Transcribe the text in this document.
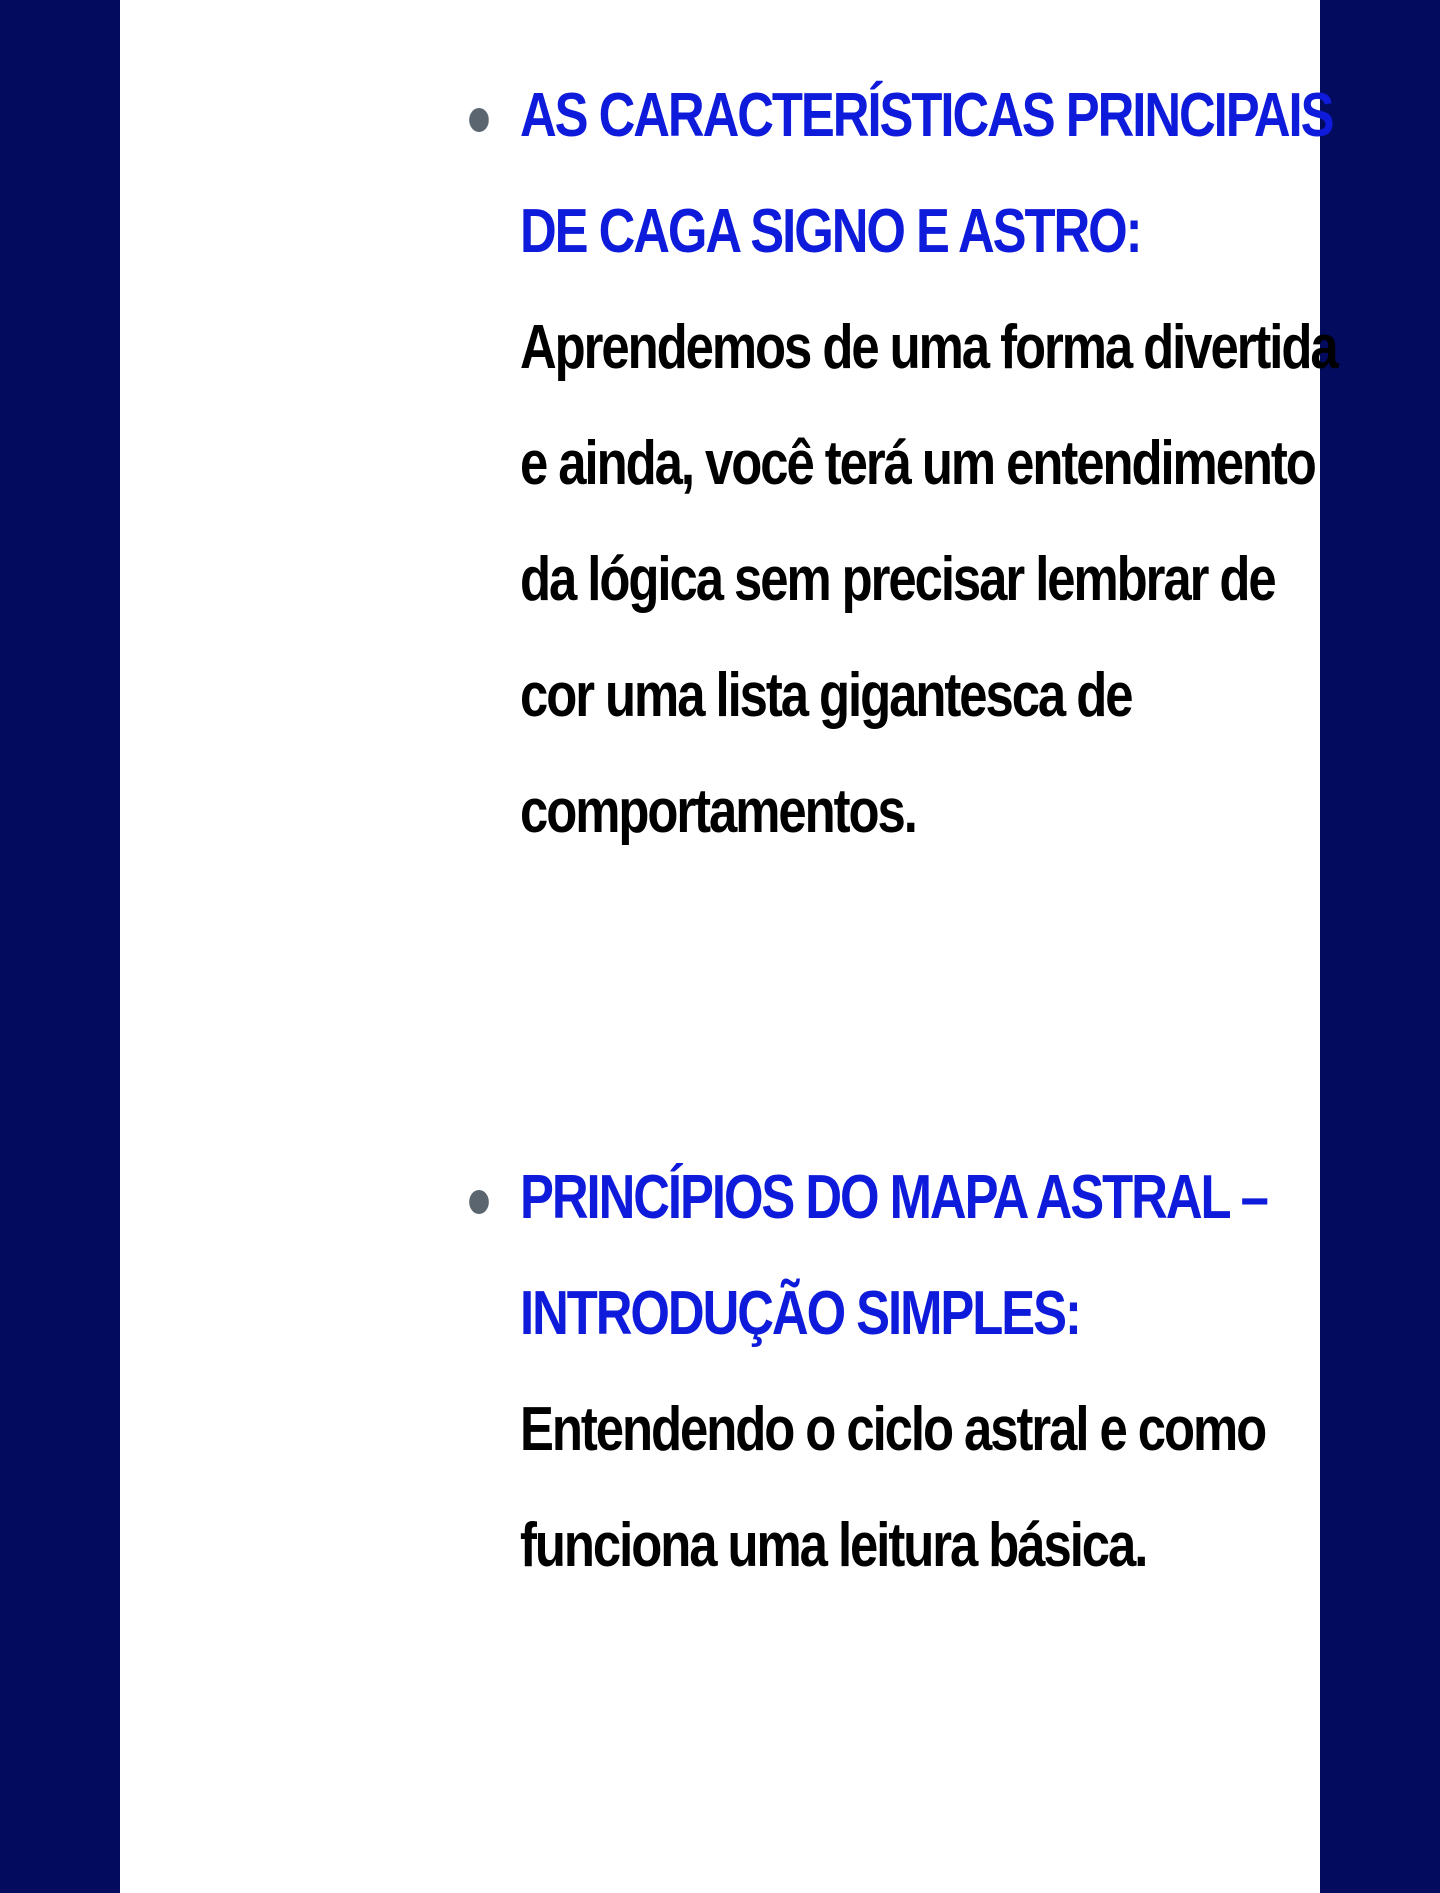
AS CARACTERÍSTICAS PRINCIPAIS DE CAGA SIGNO E ASTRO: Aprendemos de uma forma divertida e ainda, você terá um entendimento da lógica sem precisar lembrar de cor uma lista gigantesca de comportamentos.
PRINCÍPIOS DO MAPA ASTRAL – INTRODUÇÃO SIMPLES: Entendendo o ciclo astral e como funciona uma leitura básica.
